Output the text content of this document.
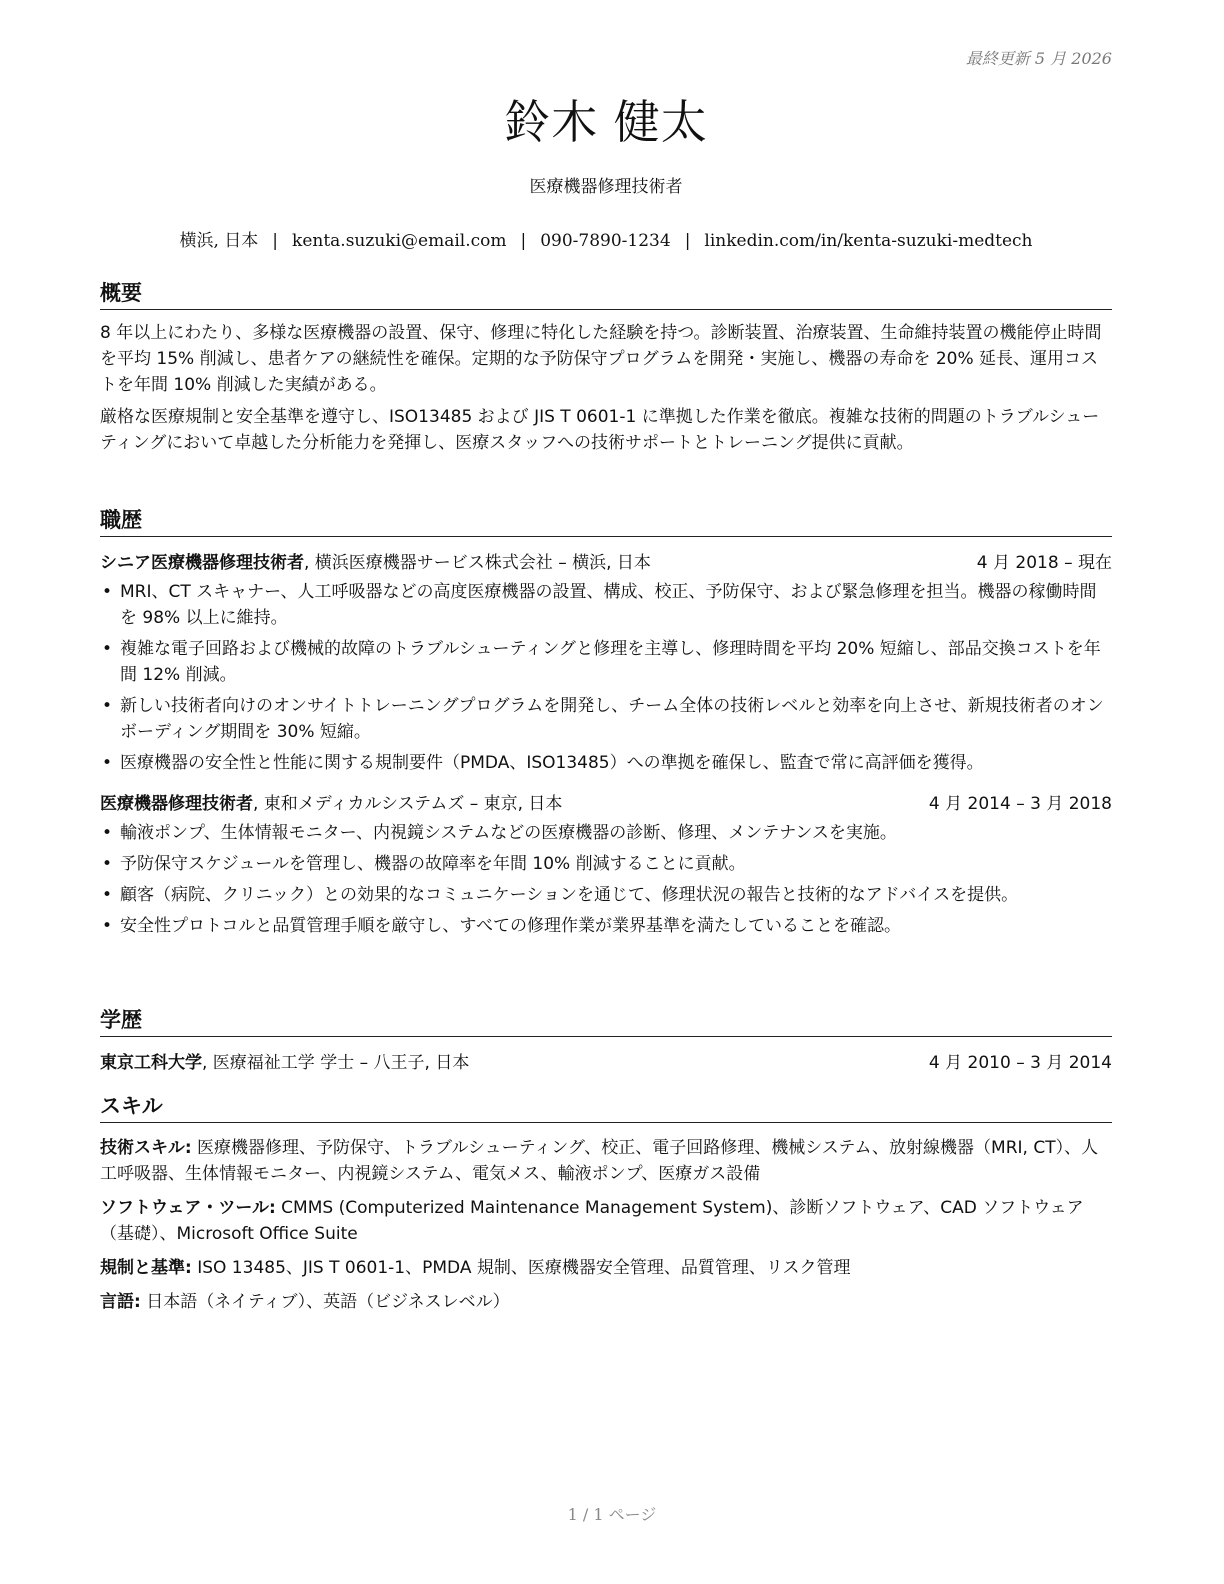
最終更新 5 月 2026
鈴木 健太
医療機器修理技術者
横浜, 日本 | kenta.suzuki@email.com | 090-7890-1234 | linkedin.com/in/kenta-suzuki-medtech
概要

8 年以上にわたり、多様な医療機器の設置、保守、修理に特化した経験を持つ。診断装置、治療装置、生命維持装置の機能停止時間を平均 15% 削減し、患者ケアの継続性を確保。定期的な予防保守プログラムを開発・実施し、機器の寿命を 20% 延長、運用コストを年間 10% 削減した実績がある。

厳格な医療規制と安全基準を遵守し、ISO13485 および JIS T 0601-1 に準拠した作業を徹底。複雑な技術的問題のトラブルシューティングにおいて卓越した分析能力を発揮し、医療スタッフへの技術サポートとトレーニング提供に貢献。

職歴
シニア医療機器修理技術者, 横浜医療機器サービス株式会社 – 横浜, 日本	4 月 2018 – 現在
• MRI、CT スキャナー、人工呼吸器などの高度医療機器の設置、構成、校正、予防保守、および緊急修理を担当。機器の稼働時間を 98% 以上に維持。
• 複雑な電子回路および機械的故障のトラブルシューティングと修理を主導し、修理時間を平均 20% 短縮し、部品交換コストを年間 12% 削減。
• 新しい技術者向けのオンサイトトレーニングプログラムを開発し、チーム全体の技術レベルと効率を向上させ、新規技術者のオンボーディング期間を 30% 短縮。
• 医療機器の安全性と性能に関する規制要件（PMDA、ISO13485）への準拠を確保し、監査で常に高評価を獲得。
医療機器修理技術者, 東和メディカルシステムズ – 東京, 日本	4 月 2014 – 3 月 2018
• 輸液ポンプ、生体情報モニター、内視鏡システムなどの医療機器の診断、修理、メンテナンスを実施。
• 予防保守スケジュールを管理し、機器の故障率を年間 10% 削減することに貢献。
• 顧客（病院、クリニック）との効果的なコミュニケーションを通じて、修理状況の報告と技術的なアドバイスを提供。
• 安全性プロトコルと品質管理手順を厳守し、すべての修理作業が業界基準を満たしていることを確認。
学歴
東京工科大学, 医療福祉工学 学士 – 八王子, 日本	4 月 2010 – 3 月 2014
スキル
技術スキル: 医療機器修理、予防保守、トラブルシューティング、校正、電子回路修理、機械システム、放射線機器（MRI, CT）、人工呼吸器、生体情報モニター、内視鏡システム、電気メス、輸液ポンプ、医療ガス設備
ソフトウェア・ツール: CMMS (Computerized Maintenance Management System)、診断ソフトウェア、CAD ソフトウェア（基礎）、Microsoft Office Suite
規制と基準: ISO 13485、JIS T 0601-1、PMDA 規制、医療機器安全管理、品質管理、リスク管理
言語: 日本語（ネイティブ）、英語（ビジネスレベル）
1 / 1 ページ
